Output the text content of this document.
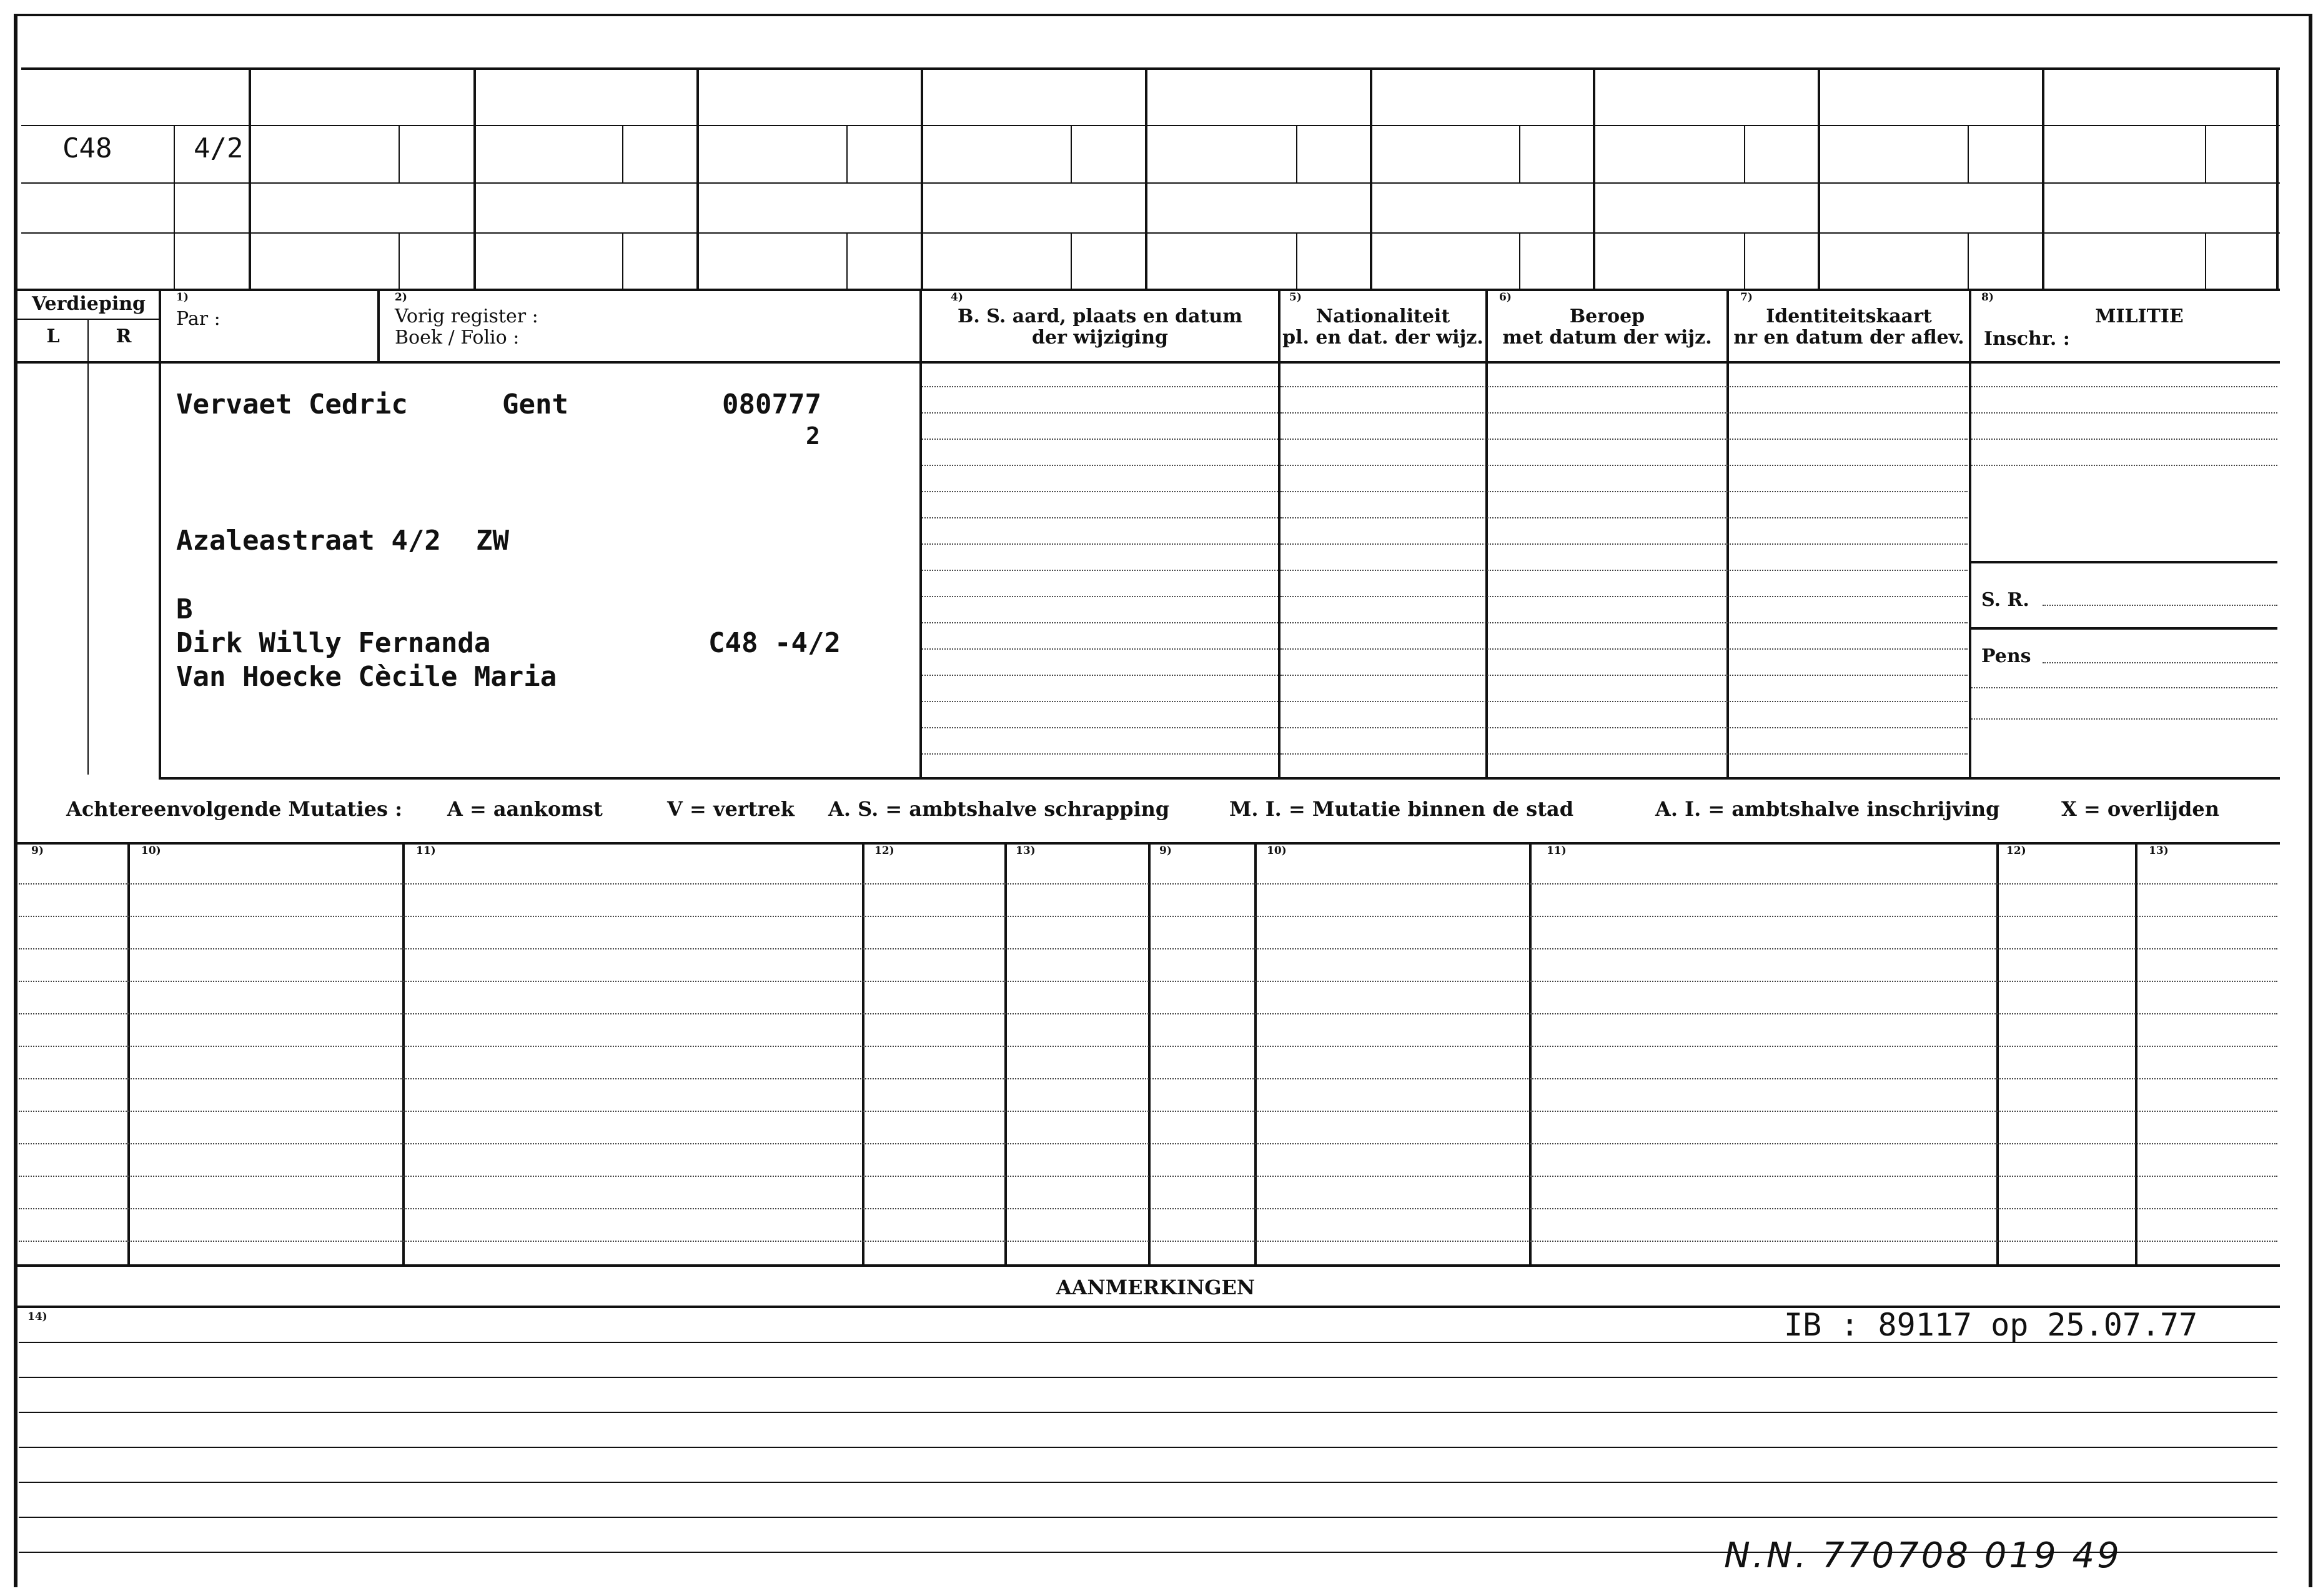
C48	4/2
Verdieping
L	R
1)
Par :
2)
Vorig register :
Boek / Folio :
4)
B. S. aard, plaats en datum
der wijziging
5)
Nationaliteit
pl. en dat. der wijz.
6)
Beroep
met datum der wijz.
7)
Identiteitskaart
nr en datum der aflev.
8)
MILITIE
Inschr. :
S. R.
Pens
Vervaet Cedric	Gent	080777
2
Azaleastraat 4/2 ZW
B
Dirk Willy Fernanda	C48 -4/2
Van Hoecke Cècile Maria
Achtereenvolgende Mutaties : A = aankomst	V = vertrek A. S. = ambtshalve schrapping	M. I. = Mutatie binnen de stad	A. I. = ambtshalve inschrijving	X = overlijden
9)	10)	11)	12)	13)	9)	10)	11)	12)	13)
AANMERKINGEN
14)	IB : 89117 op 25.07.77
N.N. 770708 019 49
